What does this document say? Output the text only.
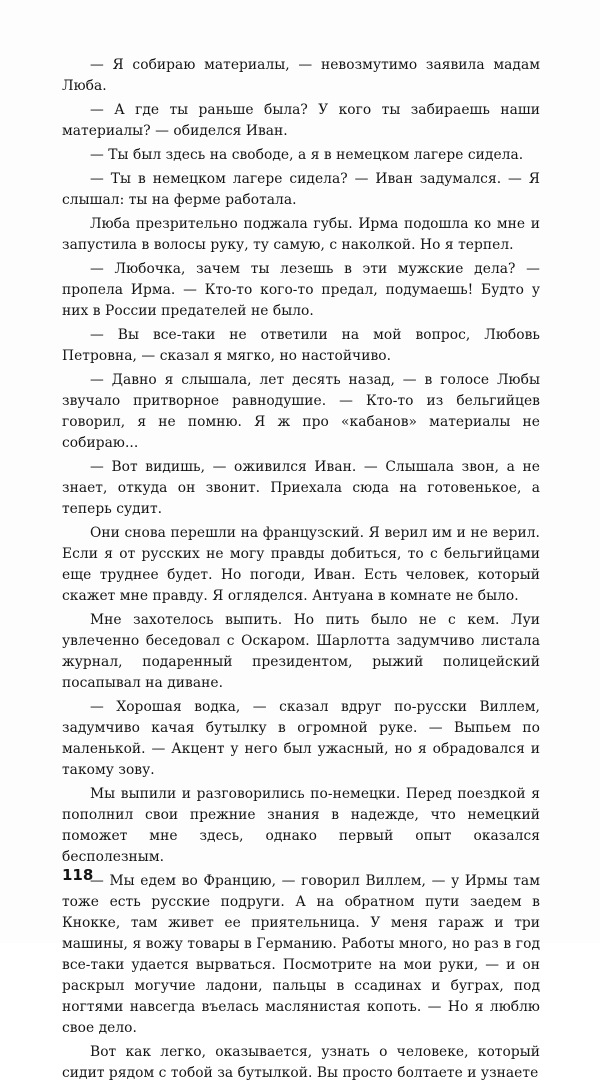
— Я собираю материалы, — невозмутимо заявила мадам Люба.

— А где ты раньше была? У кого ты забираешь наши материалы? — обиделся Иван.

— Ты был здесь на свободе, а я в немецком лагере сидела.

— Ты в немецком лагере сидела? — Иван задумался. — Я слышал: ты на ферме работала.

Люба презрительно поджала губы. Ирма подошла ко мне и запустила в волосы руку, ту самую, с наколкой. Но я терпел.

— Любочка, зачем ты лезешь в эти мужские дела? — пропела Ирма. — Кто-то кого-то предал, подумаешь! Будто у них в России предателей не было.

— Вы все-таки не ответили на мой вопрос, Любовь Петровна, — сказал я мягко, но настойчиво.

— Давно я слышала, лет десять назад, — в голосе Любы звучало притворное равнодушие. — Кто-то из бельгийцев говорил, я не помню. Я ж про «кабанов» материалы не собираю...

— Вот видишь, — оживился Иван. — Слышала звон, а не знает, откуда он звонит. Приехала сюда на готовенькое, а теперь судит.

Они снова перешли на французский. Я верил им и не верил. Если я от русских не могу правды добиться, то с бельгийцами еще труднее будет. Но погоди, Иван. Есть человек, который скажет мне правду. Я огляделся. Антуана в комнате не было.

Мне захотелось выпить. Но пить было не с кем. Луи увлеченно беседовал с Оскаром. Шарлотта задумчиво листала журнал, подаренный президентом, рыжий полицейский посапывал на диване.

— Хорошая водка, — сказал вдруг по-русски Виллем, задумчиво качая бутылку в огромной руке. — Выпьем по маленькой. — Акцент у него был ужасный, но я обрадовался и такому зову.

Мы выпили и разговорились по-немецки. Перед поездкой я пополнил свои прежние знания в надежде, что немецкий поможет мне здесь, однако первый опыт оказался бесполезным.

— Мы едем во Францию, — говорил Виллем, — у Ирмы там тоже есть русские подруги. А на обратном пути заедем в Кнокке, там живет ее приятельница. У меня гараж и три машины, я вожу товары в Германию. Работы много, но раз в год все-таки удается вырваться. Посмотрите на мои руки, — и он раскрыл могучие ладони, пальцы в ссадинах и буграх, под ногтями навсегда въелась маслянистая копоть. — Но я люблю свое дело.

Вот как легко, оказывается, узнать о человеке, который сидит рядом с тобой за бутылкой. Вы просто болтаете и узнаете

118
